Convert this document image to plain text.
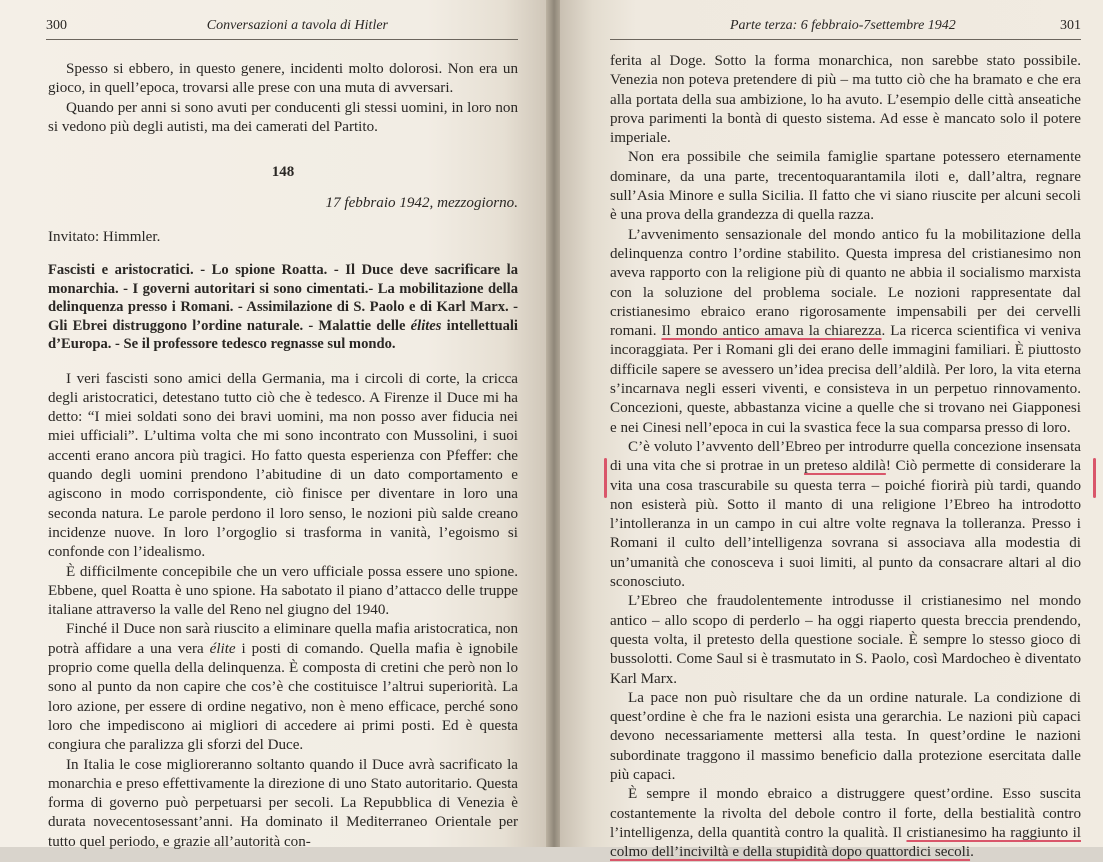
300	Conversazioni a tavola di Hitler

Spesso si ebbero, in questo genere, incidenti molto dolorosi. Non era un gioco, in quell’epoca, trovarsi alle prese con una muta di avversari.

Quando per anni si sono avuti per conducenti gli stessi uomini, in loro non si vedono più degli autisti, ma dei camerati del Partito.

148
17 febbraio 1942, mezzogiorno.
Invitato: Himmler.
Fascisti e aristocratici. - Lo spione Roatta. - Il Duce deve sacrificare la monarchia. - I governi autoritari si sono cimentati.- La mobilitazione della delinquenza presso i Romani. - Assimilazione di S. Paolo e di Karl Marx. - Gli Ebrei distruggono l’ordine naturale. - Malattie delle élites intellettuali d’Europa. - Se il professore tedesco regnasse sul mondo.

I veri fascisti sono amici della Germania, ma i circoli di corte, la cricca degli aristocratici, detestano tutto ciò che è tedesco. A Firenze il Duce mi ha detto: “I miei soldati sono dei bravi uomini, ma non posso aver fiducia nei miei ufficiali”. L’ultima volta che mi sono incontrato con Mussolini, i suoi accenti erano ancora più tragici. Ho fatto questa esperienza con Pfeffer: che quando degli uomini prendono l’abitudine di un dato comportamento e agiscono in modo corrispondente, ciò finisce per diventare in loro una seconda natura. Le parole perdono il loro senso, le nozioni più salde creano incidenze nuove. In loro l’orgoglio si trasforma in vanità, l’egoismo si confonde con l’idealismo.

È difficilmente concepibile che un vero ufficiale possa essere uno spione. Ebbene, quel Roatta è uno spione. Ha sabotato il piano d’attacco delle truppe italiane attraverso la valle del Reno nel giugno del 1940.

Finché il Duce non sarà riuscito a eliminare quella mafia aristocratica, non potrà affidare a una vera élite i posti di comando. Quella mafia è ignobile proprio come quella della delinquenza. È composta di cretini che però non lo sono al punto da non capire che cos’è che costituisce l’altrui superiorità. La loro azione, per essere di ordine negativo, non è meno efficace, perché sono loro che impediscono ai migliori di accedere ai primi posti. Ed è questa congiura che paralizza gli sforzi del Duce.

In Italia le cose miglioreranno soltanto quando il Duce avrà sacrificato la monarchia e preso effettivamente la direzione di uno Stato autoritario. Questa forma di governo può perpetuarsi per secoli. La Repubblica di Venezia è durata novecentosessant’anni. Ha dominato il Mediterraneo Orientale per tutto quel periodo, e grazie all’autorità con-

Parte terza: 6 febbraio-7settembre 1942	301

ferita al Doge. Sotto la forma monarchica, non sarebbe stato possibile. Venezia non poteva pretendere di più – ma tutto ciò che ha bramato e che era alla portata della sua ambizione, lo ha avuto. L’esempio delle città anseatiche prova parimenti la bontà di questo sistema. Ad esse è mancato solo il potere imperiale.

Non era possibile che seimila famiglie spartane potessero eternamente dominare, da una parte, trecentoquarantamila iloti e, dall’altra, regnare sull’Asia Minore e sulla Sicilia. Il fatto che vi siano riuscite per alcuni secoli è una prova della grandezza di quella razza.

L’avvenimento sensazionale del mondo antico fu la mobilitazione della delinquenza contro l’ordine stabilito. Questa impresa del cristianesimo non aveva rapporto con la religione più di quanto ne abbia il socialismo marxista con la soluzione del problema sociale. Le nozioni rappresentate dal cristianesimo ebraico erano rigorosamente impensabili per dei cervelli romani. Il mondo antico amava la chiarezza. La ricerca scientifica vi veniva incoraggiata. Per i Romani gli dei erano delle immagini familiari. È piuttosto difficile sapere se avessero un’idea precisa dell’aldilà. Per loro, la vita eterna s’incarnava negli esseri viventi, e consisteva in un perpetuo rinnovamento. Concezioni, queste, abbastanza vicine a quelle che si trovano nei Giapponesi e nei Cinesi nell’epoca in cui la svastica fece la sua comparsa presso di loro.

C’è voluto l’avvento dell’Ebreo per introdurre quella concezione insensata di una vita che si protrae in un preteso aldilà! Ciò permette di considerare la vita una cosa trascurabile su questa terra – poiché fiorirà più tardi, quando non esisterà più. Sotto il manto di una religione l’Ebreo ha introdotto l’intolleranza in un campo in cui altre volte regnava la tolleranza. Presso i Romani il culto dell’intelligenza sovrana si associava alla modestia di un’umanità che conosceva i suoi limiti, al punto da consacrare altari al dio sconosciuto.

L’Ebreo che fraudolentemente introdusse il cristianesimo nel mondo antico – allo scopo di perderlo – ha oggi riaperto questa breccia prendendo, questa volta, il pretesto della questione sociale. È sempre lo stesso gioco di bussolotti. Come Saul si è trasmutato in S. Paolo, così Mardocheo è diventato Karl Marx.

La pace non può risultare che da un ordine naturale. La condizione di quest’ordine è che fra le nazioni esista una gerarchia. Le nazioni più capaci devono necessariamente mettersi alla testa. In quest’ordine le nazioni subordinate traggono il massimo beneficio dalla protezione esercitata dalle più capaci.

È sempre il mondo ebraico a distruggere quest’ordine. Esso suscita costantemente la rivolta del debole contro il forte, della bestialità contro l’intelligenza, della quantità contro la qualità. Il cristianesimo ha raggiunto il colmo dell’inciviltà e della stupidità dopo quattordici secoli.
